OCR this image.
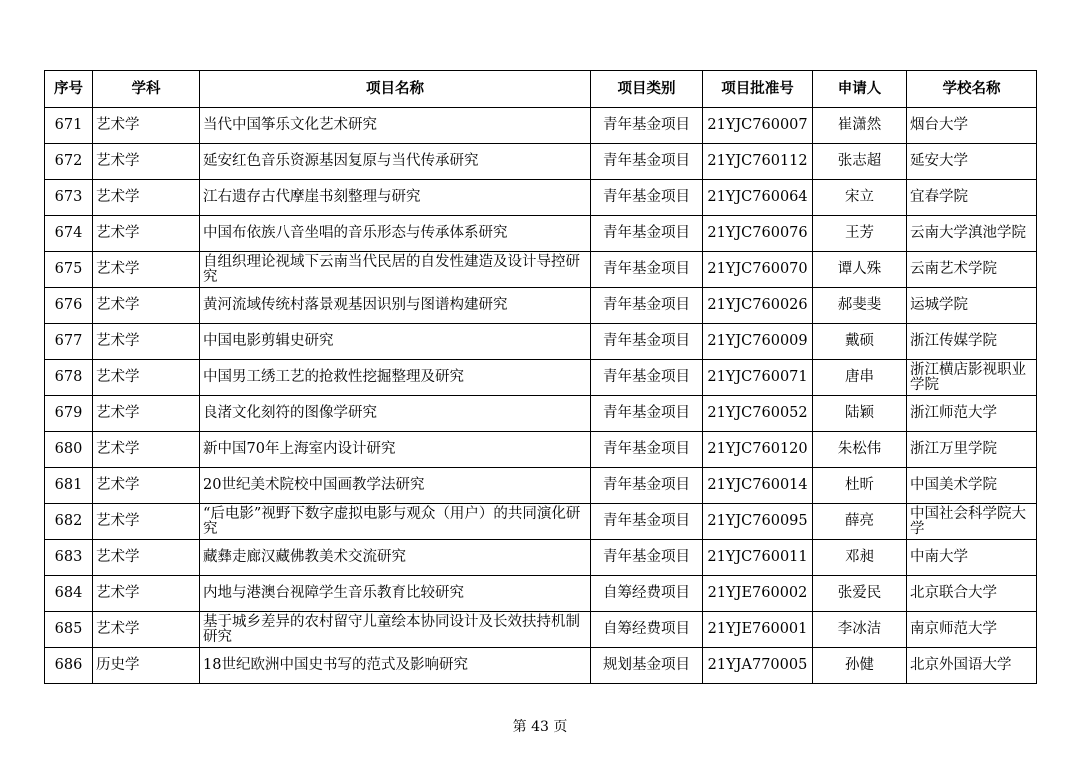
序号	学科	项目名称	项目类别	项目批准号	申请人	学校名称
671	艺术学	当代中国筝乐文化艺术研究	青年基金项目	21YJC760007	崔潇然	烟台大学
672	艺术学	延安红色音乐资源基因复原与当代传承研究	青年基金项目	21YJC760112	张志超	延安大学
673	艺术学	江右遗存古代摩崖书刻整理与研究	青年基金项目	21YJC760064	宋立	宜春学院
674	艺术学	中国布依族八音坐唱的音乐形态与传承体系研究	青年基金项目	21YJC760076	王芳	云南大学滇池学院
675	艺术学	自组织理论视域下云南当代民居的自发性建造及设计导控研究	青年基金项目	21YJC760070	谭人殊	云南艺术学院
676	艺术学	黄河流域传统村落景观基因识别与图谱构建研究	青年基金项目	21YJC760026	郝斐斐	运城学院
677	艺术学	中国电影剪辑史研究	青年基金项目	21YJC760009	戴硕	浙江传媒学院
678	艺术学	中国男工绣工艺的抢救性挖掘整理及研究	青年基金项目	21YJC760071	唐串	浙江横店影视职业学院
679	艺术学	良渚文化刻符的图像学研究	青年基金项目	21YJC760052	陆颖	浙江师范大学
680	艺术学	新中国70年上海室内设计研究	青年基金项目	21YJC760120	朱松伟	浙江万里学院
681	艺术学	20世纪美术院校中国画教学法研究	青年基金项目	21YJC760014	杜昕	中国美术学院
682	艺术学	“后电影”视野下数字虚拟电影与观众（用户）的共同演化研究	青年基金项目	21YJC760095	薛亮	中国社会科学院大学
683	艺术学	藏彝走廊汉藏佛教美术交流研究	青年基金项目	21YJC760011	邓昶	中南大学
684	艺术学	内地与港澳台视障学生音乐教育比较研究	自筹经费项目	21YJE760002	张爱民	北京联合大学
685	艺术学	基于城乡差异的农村留守儿童绘本协同设计及长效扶持机制研究	自筹经费项目	21YJE760001	李冰洁	南京师范大学
686	历史学	18世纪欧洲中国史书写的范式及影响研究	规划基金项目	21YJA770005	孙健	北京外国语大学
第 43 页
